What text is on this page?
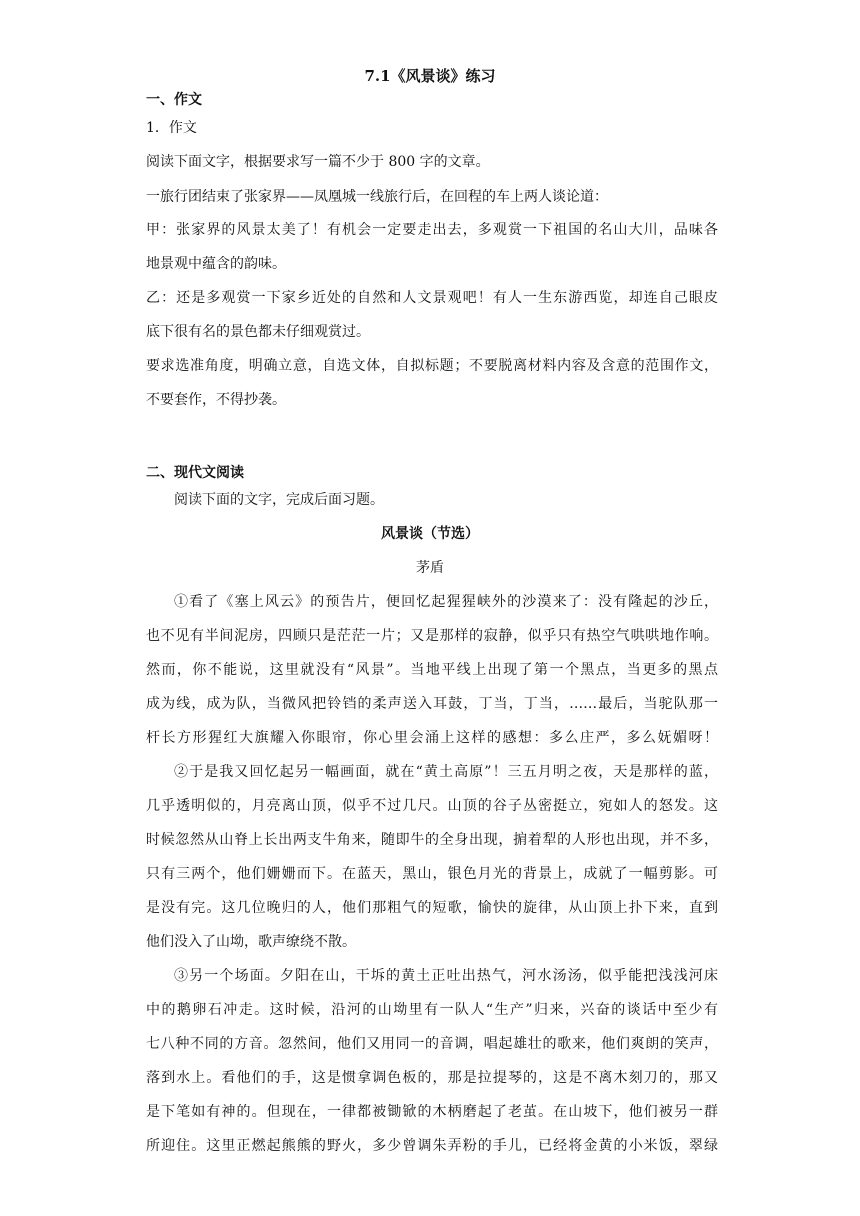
7.1《风景谈》练习
一、作文
1．作文
阅读下面文字，根据要求写一篇不少于 800 字的文章。
一旅行团结束了张家界——凤凰城一线旅行后，在回程的车上两人谈论道：
甲：张家界的风景太美了！有机会一定要走出去，多观赏一下祖国的名山大川，品味各
地景观中蕴含的韵味。
乙：还是多观赏一下家乡近处的自然和人文景观吧！有人一生东游西览，却连自己眼皮
底下很有名的景色都未仔细观赏过。
要求选准角度，明确立意，自选文体，自拟标题；不要脱离材料内容及含意的范围作文，
不要套作，不得抄袭。
二、现代文阅读
阅读下面的文字，完成后面习题。
风景谈（节选）
茅盾
①看了《塞上风云》的预告片，便回忆起猩猩峡外的沙漠来了：没有隆起的沙丘，
也不见有半间泥房，四顾只是茫茫一片；又是那样的寂静，似乎只有热空气哄哄地作响。
然而，你不能说，这里就没有“风景”。当地平线上出现了第一个黑点，当更多的黑点
成为线，成为队，当微风把铃铛的柔声送入耳鼓，丁当，丁当，……最后，当驼队那一
杆长方形猩红大旗耀入你眼帘，你心里会涌上这样的感想：多么庄严，多么妩媚呀！
②于是我又回忆起另一幅画面，就在“黄土高原”！三五月明之夜，天是那样的蓝，
几乎透明似的，月亮离山顶，似乎不过几尺。山顶的谷子丛密挺立，宛如人的怒发。这
时候忽然从山脊上长出两支牛角来，随即牛的全身出现，掮着犁的人形也出现，并不多，
只有三两个，他们姗姗而下。在蓝天，黑山，银色月光的背景上，成就了一幅剪影。可
是没有完。这几位晚归的人，他们那粗气的短歌，愉快的旋律，从山顶上扑下来，直到
他们没入了山坳，歌声缭绕不散。
③另一个场面。夕阳在山，干坼的黄土正吐出热气，河水汤汤，似乎能把浅浅河床
中的鹅卵石冲走。这时候，沿河的山坳里有一队人“生产”归来，兴奋的谈话中至少有
七八种不同的方音。忽然间，他们又用同一的音调，唱起雄壮的歌来，他们爽朗的笑声，
落到水上。看他们的手，这是惯拿调色板的，那是拉提琴的，这是不离木刻刀的，那又
是下笔如有神的。但现在，一律都被锄锨的木柄磨起了老茧。在山坡下，他们被另一群
所迎住。这里正燃起熊熊的野火，多少曾调朱弄粉的手儿，已经将金黄的小米饭，翠绿
